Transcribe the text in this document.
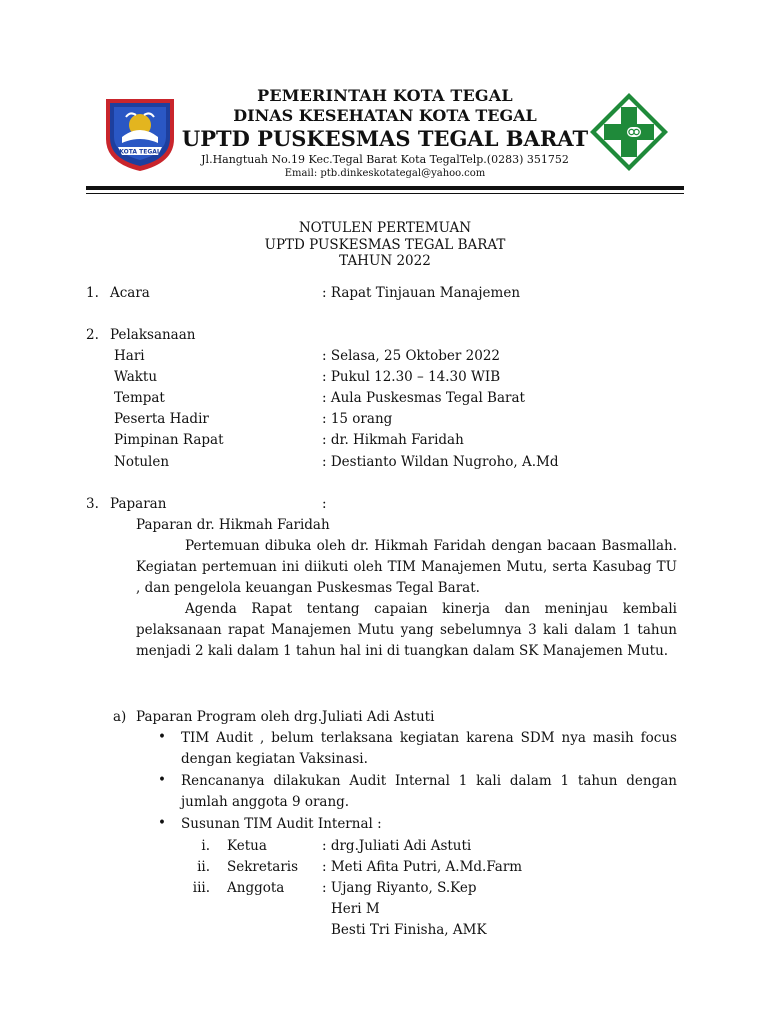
KOTA TEGAL
PEMERINTAH KOTA TEGAL
DINAS KESEHATAN KOTA TEGAL
UPTD PUSKESMAS TEGAL BARAT
Jl.Hangtuah No.19 Kec.Tegal Barat Kota TegalTelp.(0283) 351752
Email: ptb.dinkeskotategal@yahoo.com
NOTULEN PERTEMUAN
UPTD PUSKESMAS TEGAL BARAT
TAHUN 2022
1. Acara	: Rapat Tinjauan Manajemen
2. Pelaksanaan
Hari	: Selasa, 25 Oktober 2022
Waktu	: Pukul 12.30 – 14.30 WIB
Tempat	: Aula Puskesmas Tegal Barat
Peserta Hadir	: 15 orang
Pimpinan Rapat	: dr. Hikmah Faridah
Notulen	: Destianto Wildan Nugroho, A.Md
3. Paparan	:
Paparan dr. Hikmah Faridah

Pertemuan dibuka oleh dr. Hikmah Faridah dengan bacaan Basmallah. Kegiatan pertemuan ini diikuti oleh TIM Manajemen Mutu, serta Kasubag TU , dan pengelola keuangan Puskesmas Tegal Barat.

Agenda Rapat tentang capaian kinerja dan meninjau kembali pelaksanaan rapat Manajemen Mutu yang sebelumnya 3 kali dalam 1 tahun menjadi 2 kali dalam 1 tahun hal ini di tuangkan dalam SK Manajemen Mutu.

a) Paparan Program oleh drg.Juliati Adi Astuti
• TIM Audit , belum terlaksana kegiatan karena SDM nya masih focus dengan kegiatan Vaksinasi.

• Rencananya dilakukan Audit Internal 1 kali dalam 1 tahun dengan jumlah anggota 9 orang.

• Susunan TIM Audit Internal :
i. Ketua	: drg.Juliati Adi Astuti
ii. Sekretaris : Meti Afita Putri, A.Md.Farm
iii. Anggota	: Ujang Riyanto, S.Kep
Heri M
Besti Tri Finisha, AMK
